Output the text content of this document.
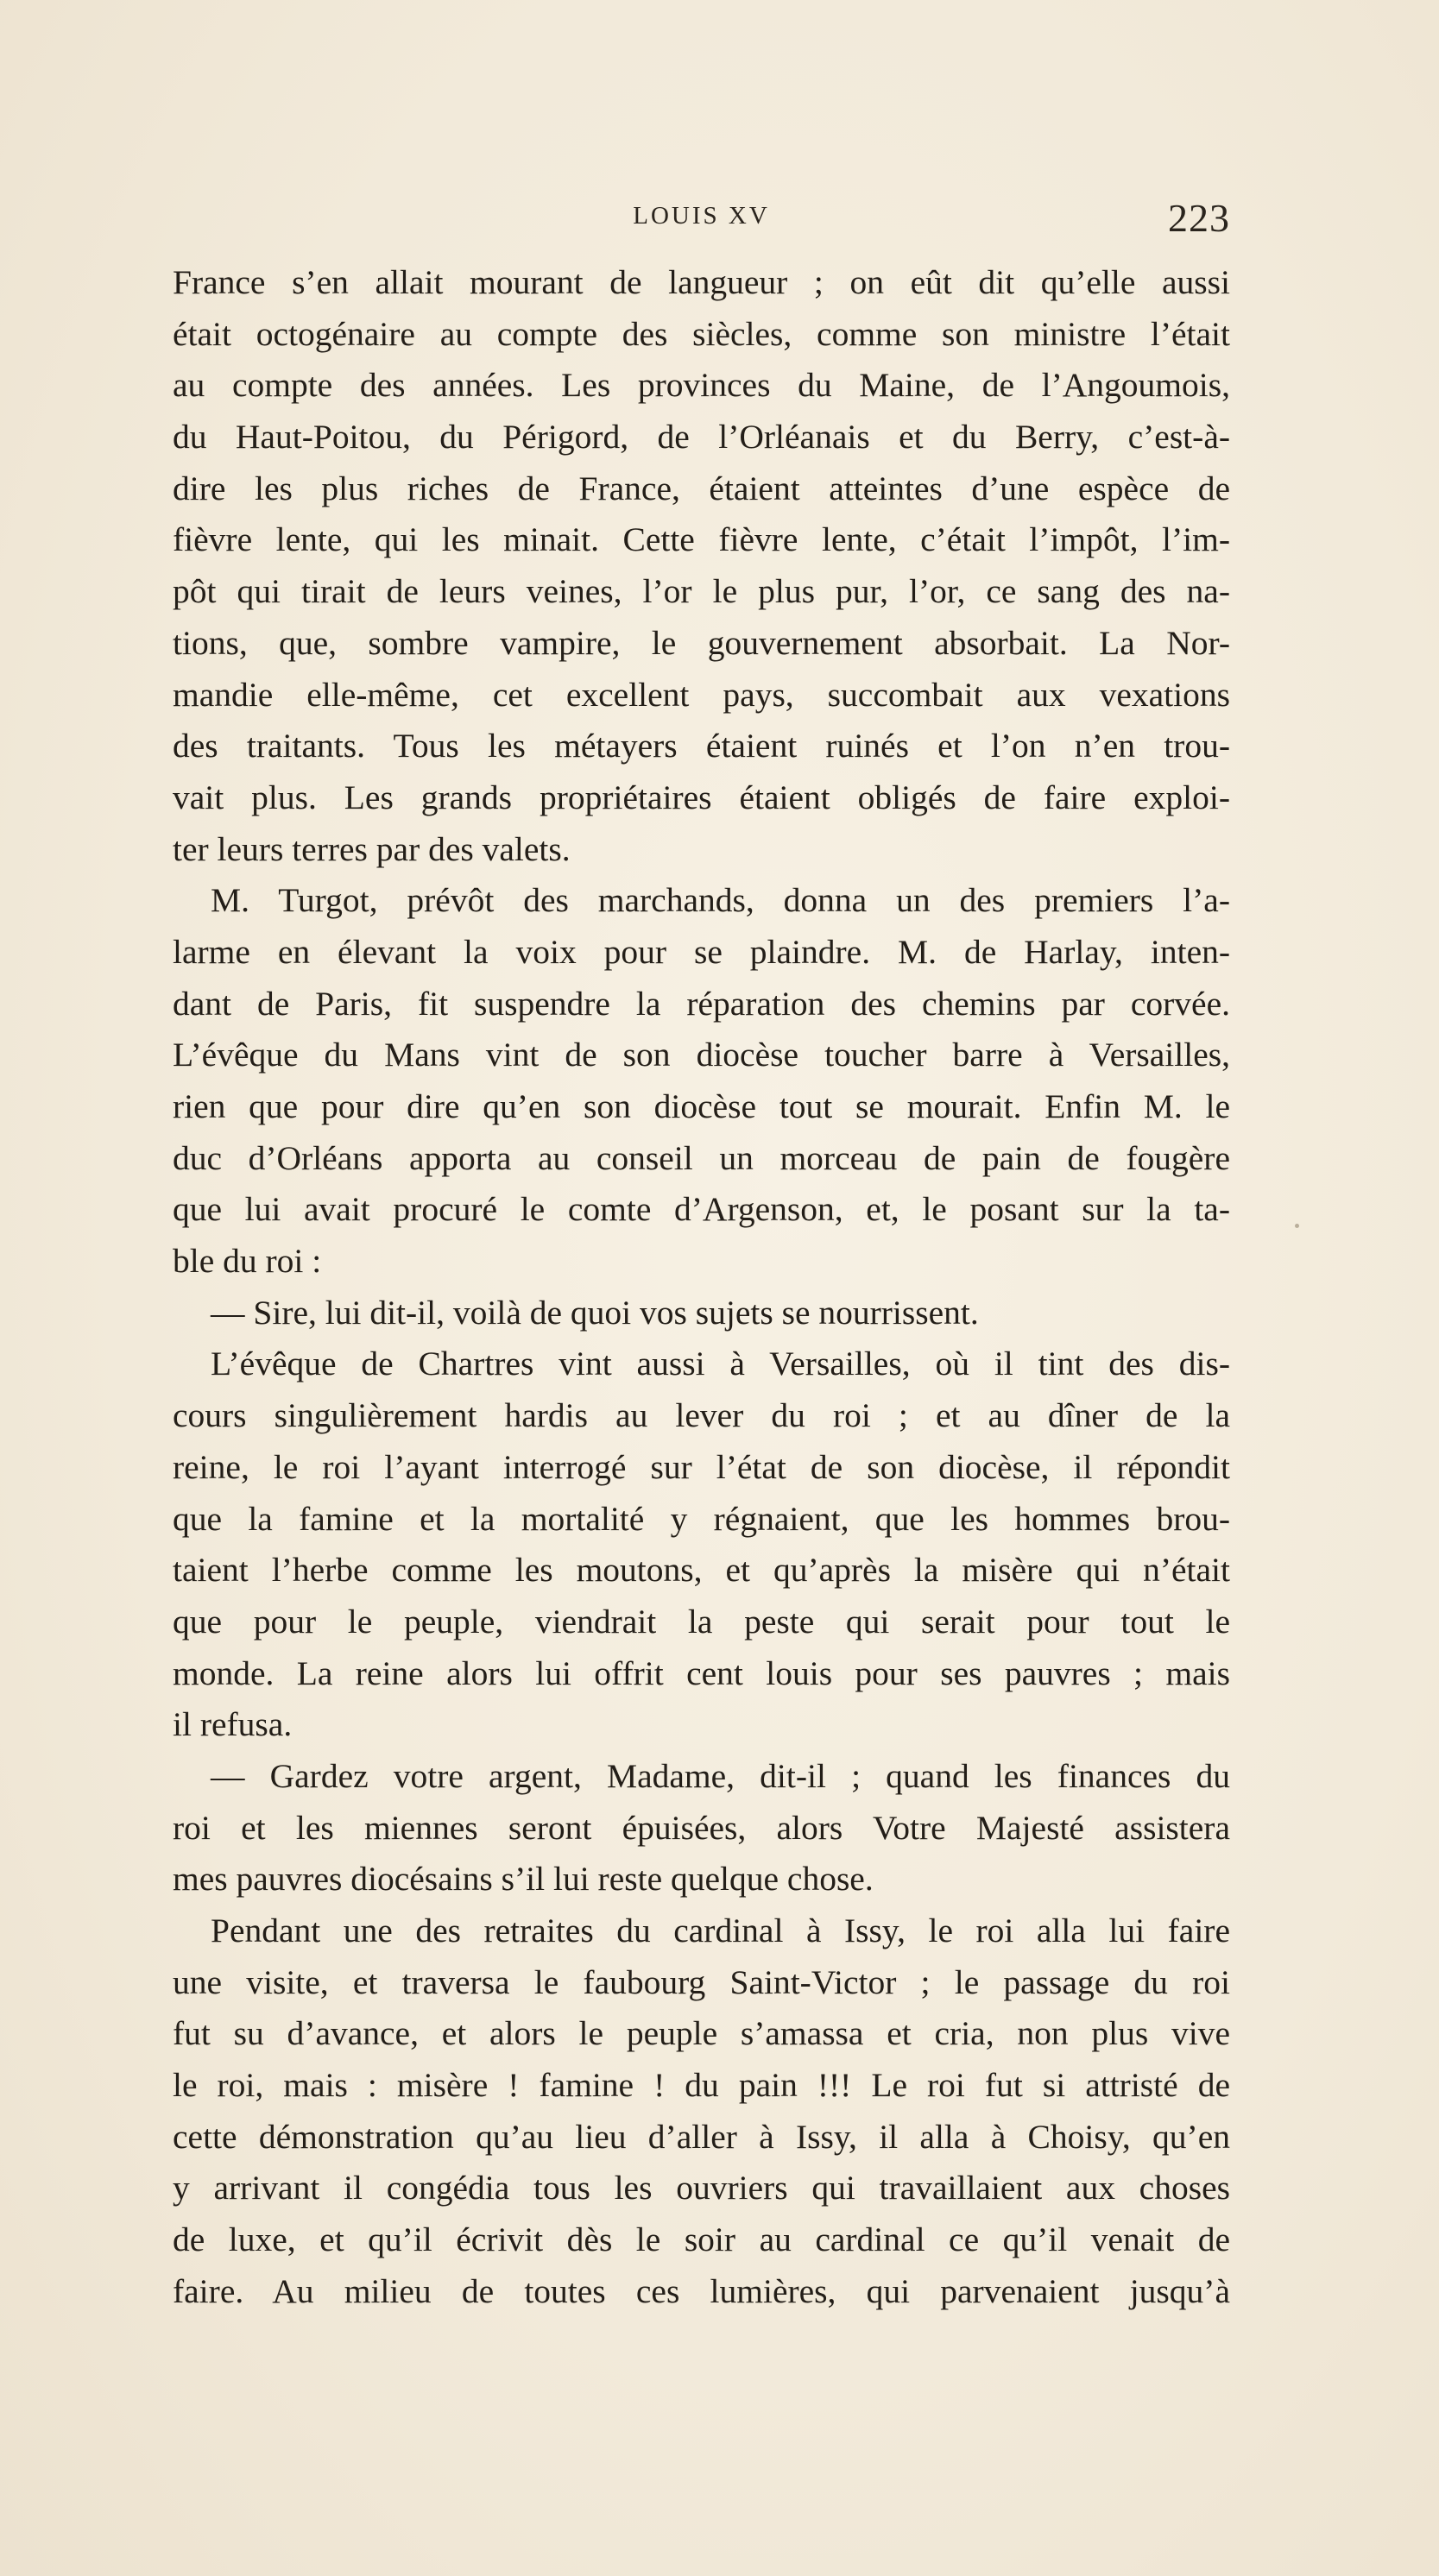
LOUIS XV	223
France s’en allait mourant de langueur ; on eût dit qu’elle aussi
était octogénaire au compte des siècles, comme son ministre l’était
au compte des années. Les provinces du Maine, de l’Angoumois,
du Haut-Poitou, du Périgord, de l’Orléanais et du Berry, c’est-à-
dire les plus riches de France, étaient atteintes d’une espèce de
fièvre lente, qui les minait. Cette fièvre lente, c’était l’impôt, l’im-
pôt qui tirait de leurs veines, l’or le plus pur, l’or, ce sang des na-
tions, que, sombre vampire, le gouvernement absorbait. La Nor-
mandie elle-même, cet excellent pays, succombait aux vexations
des traitants. Tous les métayers étaient ruinés et l’on n’en trou-
vait plus. Les grands propriétaires étaient obligés de faire exploi-
ter leurs terres par des valets.
M. Turgot, prévôt des marchands, donna un des premiers l’a-
larme en élevant la voix pour se plaindre. M. de Harlay, inten-
dant de Paris, fit suspendre la réparation des chemins par corvée.
L’évêque du Mans vint de son diocèse toucher barre à Versailles,
rien que pour dire qu’en son diocèse tout se mourait. Enfin M. le
duc d’Orléans apporta au conseil un morceau de pain de fougère
que lui avait procuré le comte d’Argenson, et, le posant sur la ta-
ble du roi :
— Sire, lui dit-il, voilà de quoi vos sujets se nourrissent.
L’évêque de Chartres vint aussi à Versailles, où il tint des dis-
cours singulièrement hardis au lever du roi ; et au dîner de la
reine, le roi l’ayant interrogé sur l’état de son diocèse, il répondit
que la famine et la mortalité y régnaient, que les hommes brou-
taient l’herbe comme les moutons, et qu’après la misère qui n’était
que pour le peuple, viendrait la peste qui serait pour tout le
monde. La reine alors lui offrit cent louis pour ses pauvres ; mais
il refusa.
— Gardez votre argent, Madame, dit-il ; quand les finances du
roi et les miennes seront épuisées, alors Votre Majesté assistera
mes pauvres diocésains s’il lui reste quelque chose.
Pendant une des retraites du cardinal à Issy, le roi alla lui faire
une visite, et traversa le faubourg Saint-Victor ; le passage du roi
fut su d’avance, et alors le peuple s’amassa et cria, non plus vive
le roi, mais : misère ! famine ! du pain !!! Le roi fut si attristé de
cette démonstration qu’au lieu d’aller à Issy, il alla à Choisy, qu’en
y arrivant il congédia tous les ouvriers qui travaillaient aux choses
de luxe, et qu’il écrivit dès le soir au cardinal ce qu’il venait de
faire. Au milieu de toutes ces lumières, qui parvenaient jusqu’à
